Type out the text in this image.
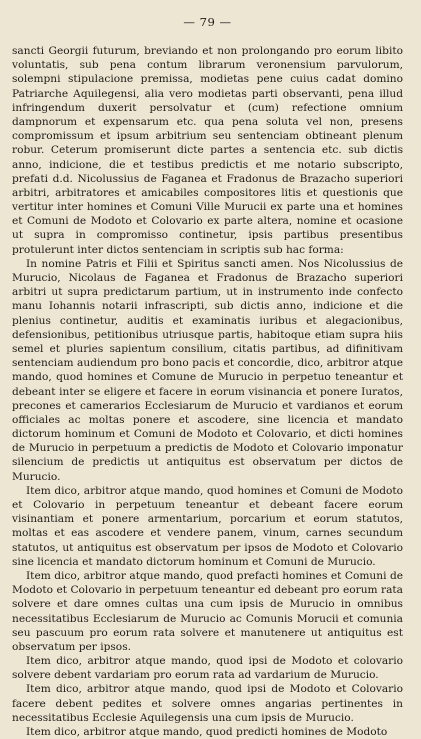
— 79 —

sancti Georgii futurum, breviando et non prolongando pro eorum libito voluntatis, sub pena contum librarum veronensium parvulorum, solempni stipulacione premissa, modietas pene cuius cadat domino Patriarche Aquilegensi, alia vero modietas parti observanti, pena illud infringendum duxerit persolvatur et (cum) refectione omnium dampnorum et expensarum etc. qua pena soluta vel non, presens compromissum et ipsum arbitrium seu sentenciam obtineant plenum robur. Ceterum promiserunt dicte partes a sentencia etc. sub dictis anno, indicione, die et testibus predictis et me notario subscripto, prefati d.d. Nicolussius de Faganea et Fradonus de Brazacho superiori arbitri, arbitratores et amicabiles compositores litis et questionis que vertitur inter homines et Comuni Ville Murucii ex parte una et homines et Comuni de Modoto et Colovario ex parte altera, nomine et ocasione ut supra in compromisso continetur, ipsis partibus presentibus protulerunt inter dictos sentenciam in scriptis sub hac forma:

In nomine Patris et Filii et Spiritus sancti amen. Nos Nicolussius de Murucio, Nicolaus de Faganea et Fradonus de Brazacho superiori arbitri ut supra predictarum partium, ut in instrumento inde confecto manu Iohannis notarii infrascripti, sub dictis anno, indicione et die plenius continetur, auditis et examinatis iuribus et alegacionibus, defensionibus, petitionibus utriusque partis, habitoque etiam supra hiis semel et pluries sapientum consilium, citatis partibus, ad difinitivam sentenciam audiendum pro bono pacis et concordie, dico, arbitror atque mando, quod homines et Comune de Murucio in perpetuo teneantur et debeant inter se eligere et facere in eorum visinancia et ponere Iuratos, precones et camerarios Ecclesiarum de Murucio et vardianos et eorum officiales ac moltas ponere et ascodere, sine licencia et mandato dictorum hominum et Comuni de Modoto et Colovario, et dicti homines de Murucio in perpetuum a predictis de Modoto et Colovario imponatur silencium de predictis ut antiquitus est observatum per dictos de Murucio.

Item dico, arbitror atque mando, quod homines et Comuni de Modoto et Colovario in perpetuum teneantur et debeant facere eorum visinantiam et ponere armentarium, porcarium et eorum statutos, moltas et eas ascodere et vendere panem, vinum, carnes secundum statutos, ut antiquitus est observatum per ipsos de Modoto et Colovario sine licencia et mandato dictorum hominum et Comuni de Murucio.

Item dico, arbitror atque mando, quod prefacti homines et Comuni de Modoto et Colovario in perpetuum teneantur ed debeant pro eorum rata solvere et dare omnes cultas una cum ipsis de Murucio in omnibus necessitatibus Ecclesiarum de Murucio ac Comunis Morucii et comunia seu pascuum pro eorum rata solvere et manutenere ut antiquitus est observatum per ipsos.

Item dico, arbitror atque mando, quod ipsi de Modoto et colovario solvere debent vardariam pro eorum rata ad vardarium de Murucio.

Item dico, arbitror atque mando, quod ipsi de Modoto et Colovario facere debent pedites et solvere omnes angarias pertinentes in necessitatibus Ecclesie Aquilegensis una cum ipsis de Murucio.

Item dico, arbitror atque mando, quod predicti homines de Modoto
